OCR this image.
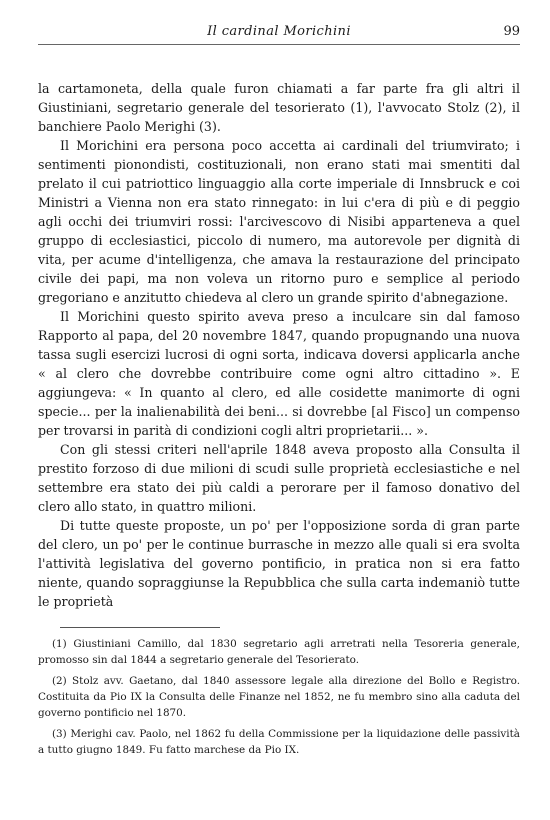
Il cardinal Morichini	99

la cartamoneta, della quale furon chiamati a far parte fra gli altri il Giustiniani, segretario generale del tesorierato (1), l'avvocato Stolz (2), il banchiere Paolo Merighi (3).

Il Morichini era persona poco accetta ai cardinali del triumvirato; i sentimenti pionondisti, costituzionali, non erano stati mai smentiti dal prelato il cui patriottico linguaggio alla corte imperiale di Innsbruck e coi Ministri a Vienna non era stato rinnegato: in lui c'era di più e di peggio agli occhi dei triumviri rossi: l'arcivescovo di Nisibi apparteneva a quel gruppo di ecclesiastici, piccolo di numero, ma autorevole per dignità di vita, per acume d'intelligenza, che amava la restaurazione del principato civile dei papi, ma non voleva un ritorno puro e semplice al periodo gregoriano e anzitutto chiedeva al clero un grande spirito d'abnegazione.

Il Morichini questo spirito aveva preso a inculcare sin dal famoso Rapporto al papa, del 20 novembre 1847, quando propugnando una nuova tassa sugli esercizi lucrosi di ogni sorta, indicava doversi applicarla anche « al clero che dovrebbe contribuire come ogni altro cittadino ». E aggiungeva: « In quanto al clero, ed alle cosidette manimorte di ogni specie... per la inalienabilità dei beni... si dovrebbe [al Fisco] un compenso per trovarsi in parità di condizioni cogli altri proprietarii... ».

Con gli stessi criteri nell'aprile 1848 aveva proposto alla Consulta il prestito forzoso di due milioni di scudi sulle proprietà ecclesiastiche e nel settembre era stato dei più caldi a perorare per il famoso donativo del clero allo stato, in quattro milioni.

Di tutte queste proposte, un po' per l'opposizione sorda di gran parte del clero, un po' per le continue burrasche in mezzo alle quali si era svolta l'attività legislativa del governo pontificio, in pratica non si era fatto niente, quando sopraggiunse la Repubblica che sulla carta indemaniò tutte le proprietà

(1) Giustiniani Camillo, dal 1830 segretario agli arretrati nella Tesoreria generale, promosso sin dal 1844 a segretario generale del Tesorierato.

(2) Stolz avv. Gaetano, dal 1840 assessore legale alla direzione del Bollo e Registro. Costituita da Pio IX la Consulta delle Finanze nel 1852, ne fu membro sino alla caduta del governo pontificio nel 1870.

(3) Merighi cav. Paolo, nel 1862 fu della Commissione per la liquidazione delle passività a tutto giugno 1849. Fu fatto marchese da Pio IX.
